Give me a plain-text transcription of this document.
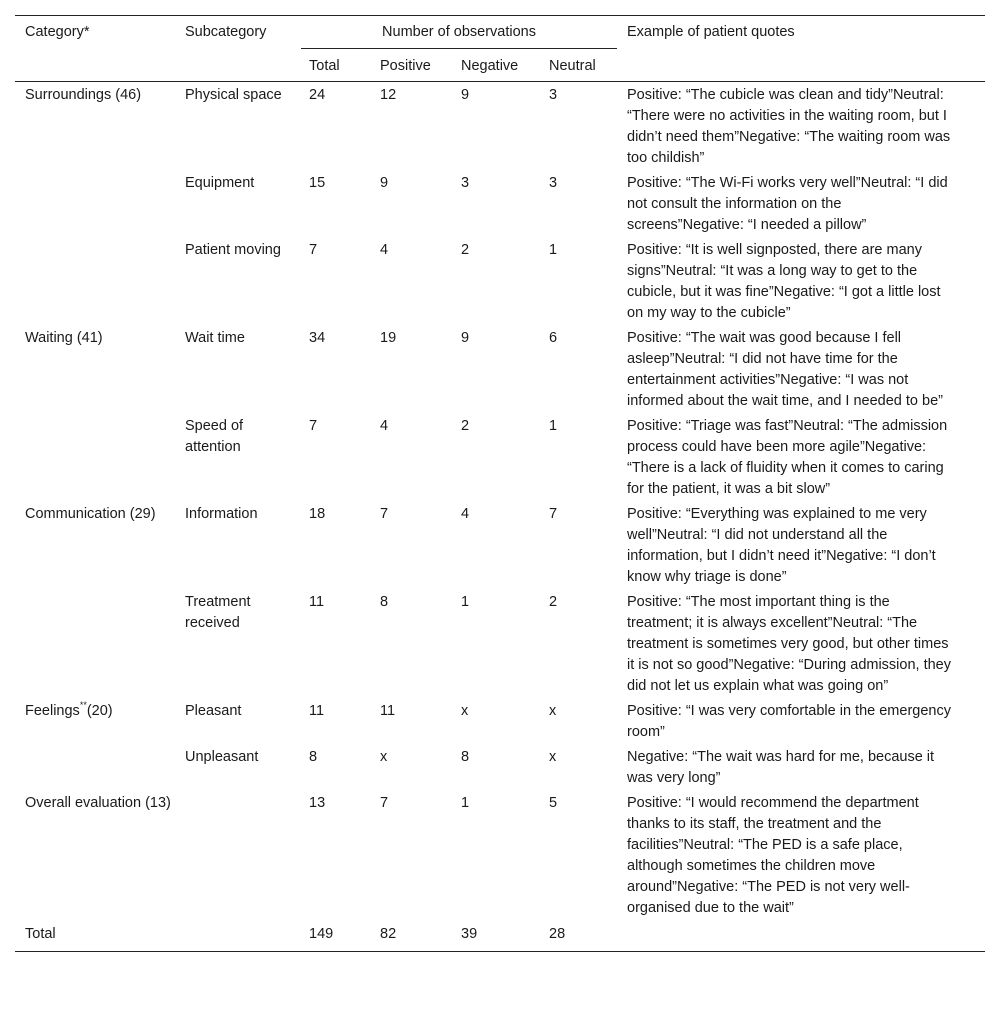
Category*	Subcategory	Number of observations				Example of patient quotes
		Total	Positive	Negative	Neutral	
Surroundings (46)	Physical space	24	12	9	3	Positive: “The cubicle was clean and tidy”Neutral: “There were no activities in the waiting room, but I didn’t need them”Negative: “The waiting room was too childish”
	Equipment	15	9	3	3	Positive: “The Wi-Fi works very well”Neutral: “I did not consult the information on the screens”Negative: “I needed a pillow”
	Patient moving	7	4	2	1	Positive: “It is well signposted, there are many signs”Neutral: “It was a long way to get to the cubicle, but it was fine”Negative: “I got a little lost on my way to the cubicle”
Waiting (41)	Wait time	34	19	9	6	Positive: “The wait was good because I fell asleep”Neutral: “I did not have time for the entertainment activities”Negative: “I was not informed about the wait time, and I needed to be”
	Speed of attention	7	4	2	1	Positive: “Triage was fast”Neutral: “The admission process could have been more agile”Negative: “There is a lack of fluidity when it comes to caring for the patient, it was a bit slow”
Communication (29)	Information	18	7	4	7	Positive: “Everything was explained to me very well”Neutral: “I did not understand all the information, but I didn’t need it”Negative: “I don’t know why triage is done”
	Treatment received	11	8	1	2	Positive: “The most important thing is the treatment; it is always excellent”Neutral: “The treatment is sometimes very good, but other times it is not so good”Negative: “During admission, they did not let us explain what was going on”
Feelings**(20)	Pleasant	11	11	x	x	Positive: “I was very comfortable in the emergency room”
	Unpleasant	8	x	8	x	Negative: “The wait was hard for me, because it was very long”
Overall evaluation (13)		13	7	1	5	Positive: “I would recommend the department thanks to its staff, the treatment and the facilities”Neutral: “The PED is a safe place, although sometimes the children move around”Negative: “The PED is not very well-organised due to the wait”
Total		149	82	39	28	
